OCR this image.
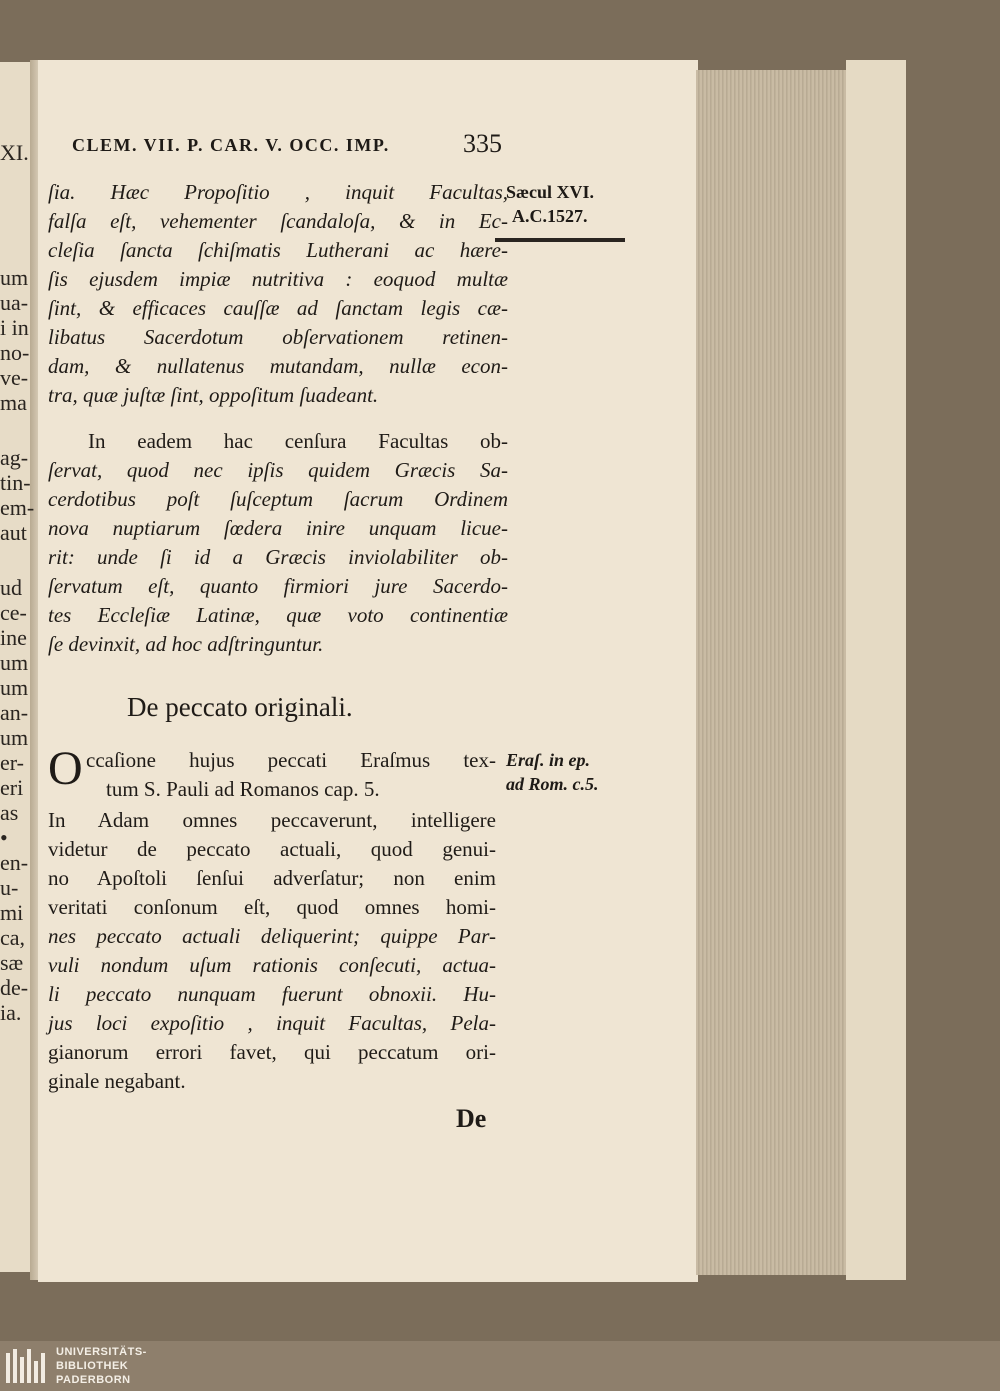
XI.
um
ua-
i in
no-
ve-
ma
ag-
tin-
em-
aut
ud
ce-
ine
um
um
an-
um
er-
eri
as
•
en-
u-
mi
ca,
sæ
de-
ia.
CLEM. VII. P. CAR. V. OCC. IMP.	335
Sæcul XVI.
A.C.1527.
ſia. Hæc Propoſitio , inquit Facultas,
falſa eſt, vehementer ſcandaloſa, & in Ec-
cleſia ſancta ſchiſmatis Lutherani ac hære-
ſis ejusdem impiæ nutritiva : eoquod multæ
ſint, & efficaces cauſſæ ad ſanctam legis cæ-
libatus Sacerdotum obſervationem retinen-
dam, & nullatenus mutandam, nullæ econ-
tra, quæ juſtæ ſint, oppoſitum ſuadeant.
In eadem hac cenſura Facultas ob-
ſervat, quod nec ipſis quidem Græcis Sa-
cerdotibus poſt ſuſceptum ſacrum Ordinem
nova nuptiarum ſœdera inire unquam licue-
rit: unde ſi id a Græcis inviolabiliter ob-
ſervatum eſt, quanto firmiori jure Sacerdo-
tes Eccleſiæ Latinæ, quæ voto continentiæ
ſe devinxit, ad hoc adſtringuntur.
De peccato originali.
O ccaſione hujus peccati Eraſmus tex-
tum S. Pauli ad Romanos cap. 5.
Eraſ. in ep.
ad Rom. c.5.
In Adam omnes peccaverunt, intelligere
videtur de peccato actuali, quod genui-
no Apoſtoli ſenſui adverſatur; non enim
veritati conſonum eſt, quod omnes homi-
nes peccato actuali deliquerint; quippe Par-
vuli nondum uſum rationis conſecuti, actua-
li peccato nunquam fuerunt obnoxii. Hu-
jus loci expoſitio , inquit Facultas, Pela-
gianorum errori favet, qui peccatum ori-
ginale negabant.
De
UNIVERSITÄTS-
BIBLIOTHEK
PADERBORN
